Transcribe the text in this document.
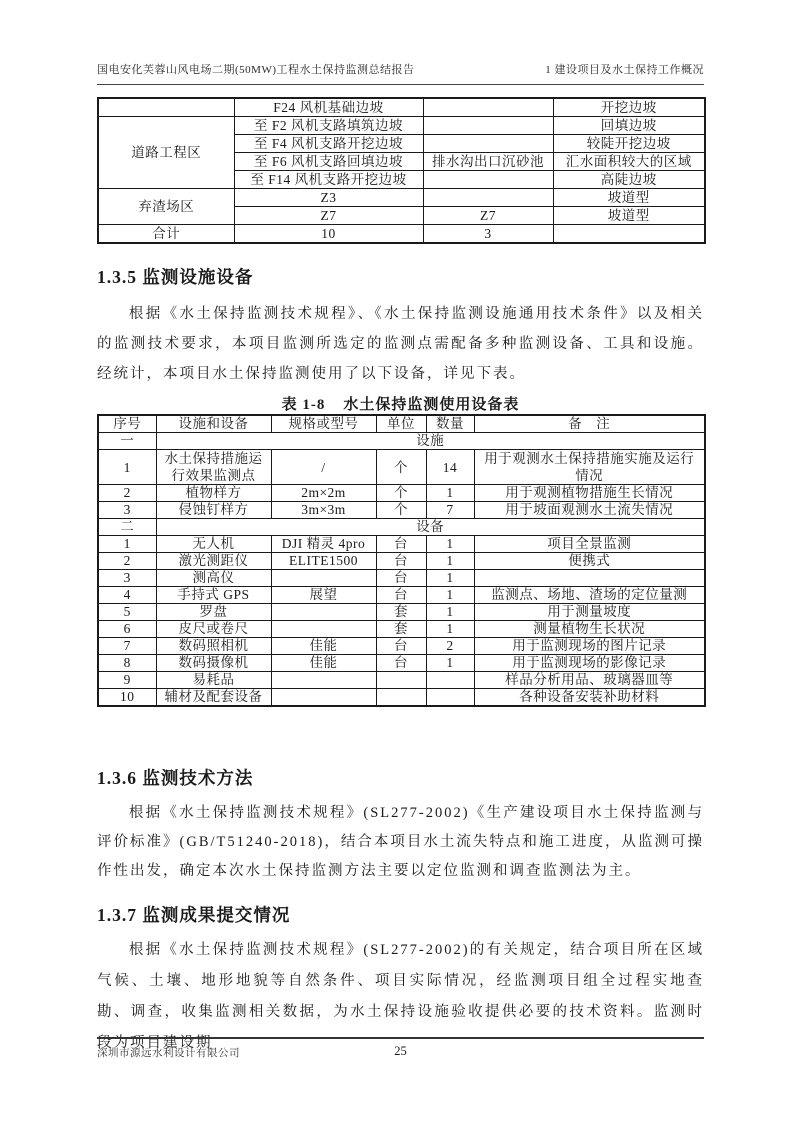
国电安化芙蓉山风电场二期(50MW)工程水土保持监测总结报告	1 建设项目及水土保持工作概况
	F24 风机基础边坡		开挖边坡
道路工程区	至 F2 风机支路填筑边坡		回填边坡
	至 F4 风机支路开挖边坡		较陡开挖边坡
	至 F6 风机支路回填边坡	排水沟出口沉砂池	汇水面积较大的区域
	至 F14 风机支路开挖边坡		高陡边坡
弃渣场区	Z3		坡道型
	Z7	Z7	坡道型
合计	10	3	
1.3.5 监测设施设备
根据《水土保持监测技术规程》、《水土保持监测设施通用技术条件》以及相关的监测技术要求，本项目监测所选定的监测点需配备多种监测设备、工具和设施。经统计，本项目水土保持监测使用了以下设备，详见下表。
表 1-8 水土保持监测使用设备表
序号	设施和设备	规格或型号	单位	数量	备　注
一	设施				
1	水土保持措施运行效果监测点	/	个	14	用于观测水土保持措施实施及运行情况
2	植物样方	2m×2m	个	1	用于观测植物措施生长情况
3	侵蚀钉样方	3m×3m	个	7	用于坡面观测水土流失情况
二	设备				
1	无人机	DJI 精灵 4pro	台	1	项目全景监测
2	激光测距仪	ELITE1500	台	1	便携式
3	测高仪		台	1	
4	手持式 GPS	展望	台	1	监测点、场地、渣场的定位量测
5	罗盘		套	1	用于测量坡度
6	皮尺或卷尺		套	1	测量植物生长状况
7	数码照相机	佳能	台	2	用于监测现场的图片记录
8	数码摄像机	佳能	台	1	用于监测现场的影像记录
9	易耗品				样品分析用品、玻璃器皿等
10	辅材及配套设备				各种设备安装补助材料
1.3.6 监测技术方法
根据《水土保持监测技术规程》(SL277-2002)《生产建设项目水土保持监测与评价标准》(GB/T51240-2018)，结合本项目水土流失特点和施工进度，从监测可操作性出发，确定本次水土保持监测方法主要以定位监测和调查监测法为主。
1.3.7 监测成果提交情况
根据《水土保持监测技术规程》(SL277-2002)的有关规定，结合项目所在区域气候、土壤、地形地貌等自然条件、项目实际情况，经监测项目组全过程实地查勘、调查，收集监测相关数据，为水土保持设施验收提供必要的技术资料。监测时段为项目建设期
深圳市源远水利设计有限公司	25
